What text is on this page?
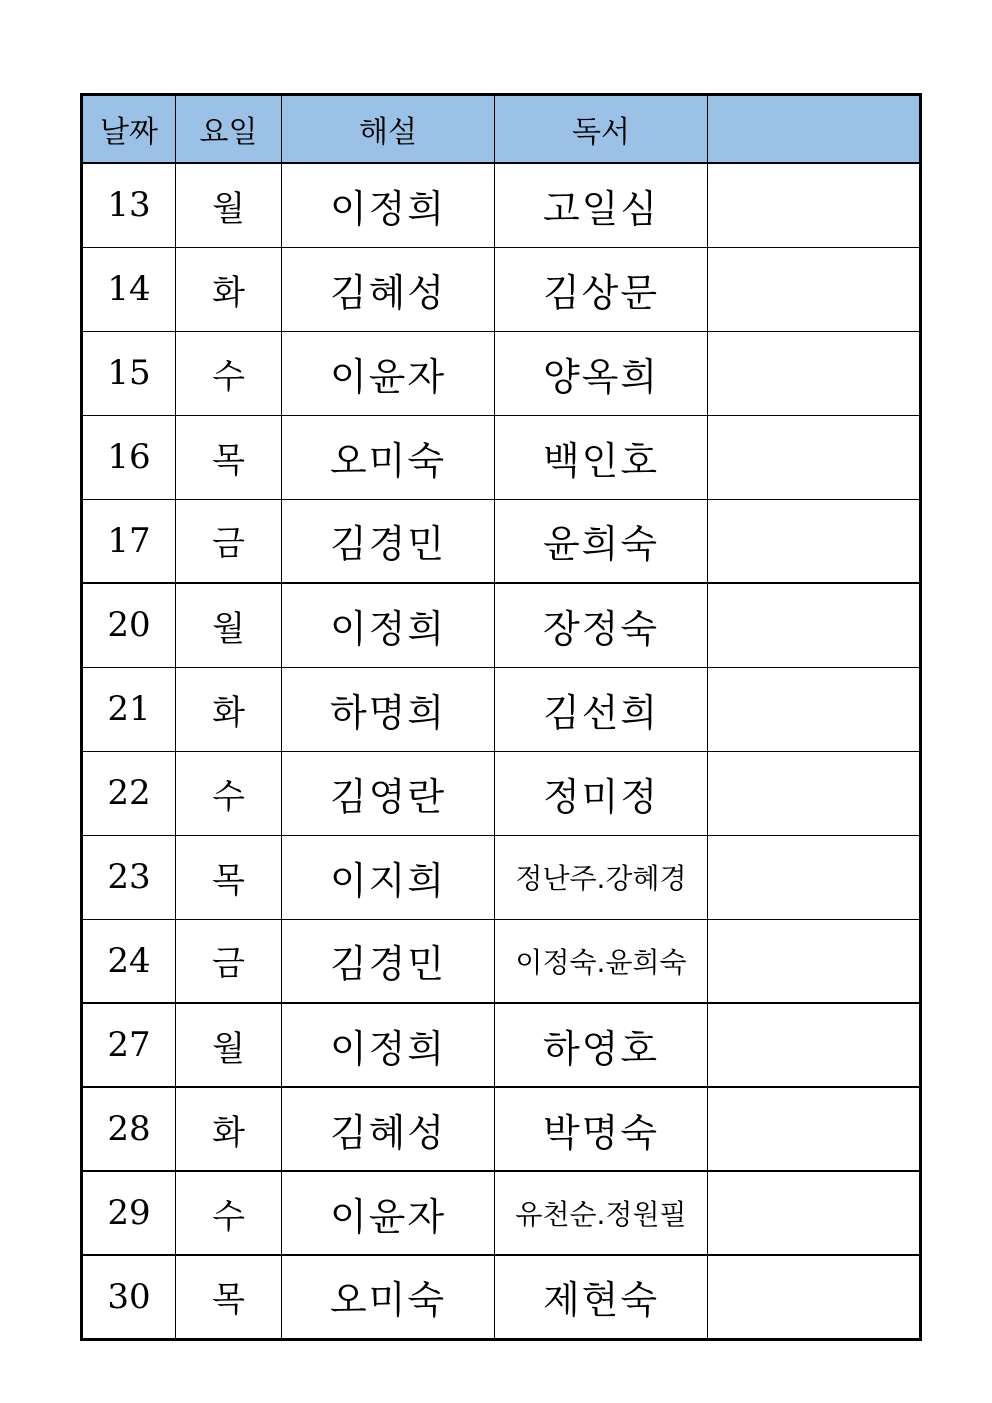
날짜	요일	해설	독서	
13	월	이정희	고일심	
14	화	김혜성	김상문	
15	수	이윤자	양옥희	
16	목	오미숙	백인호	
17	금	김경민	윤희숙	
20	월	이정희	장정숙	
21	화	하명희	김선희	
22	수	김영란	정미정	
23	목	이지희	정난주.강혜경	
24	금	김경민	이정숙.윤희숙	
27	월	이정희	하영호	
28	화	김혜성	박명숙	
29	수	이윤자	유천순.정원필	
30	목	오미숙	제현숙	
